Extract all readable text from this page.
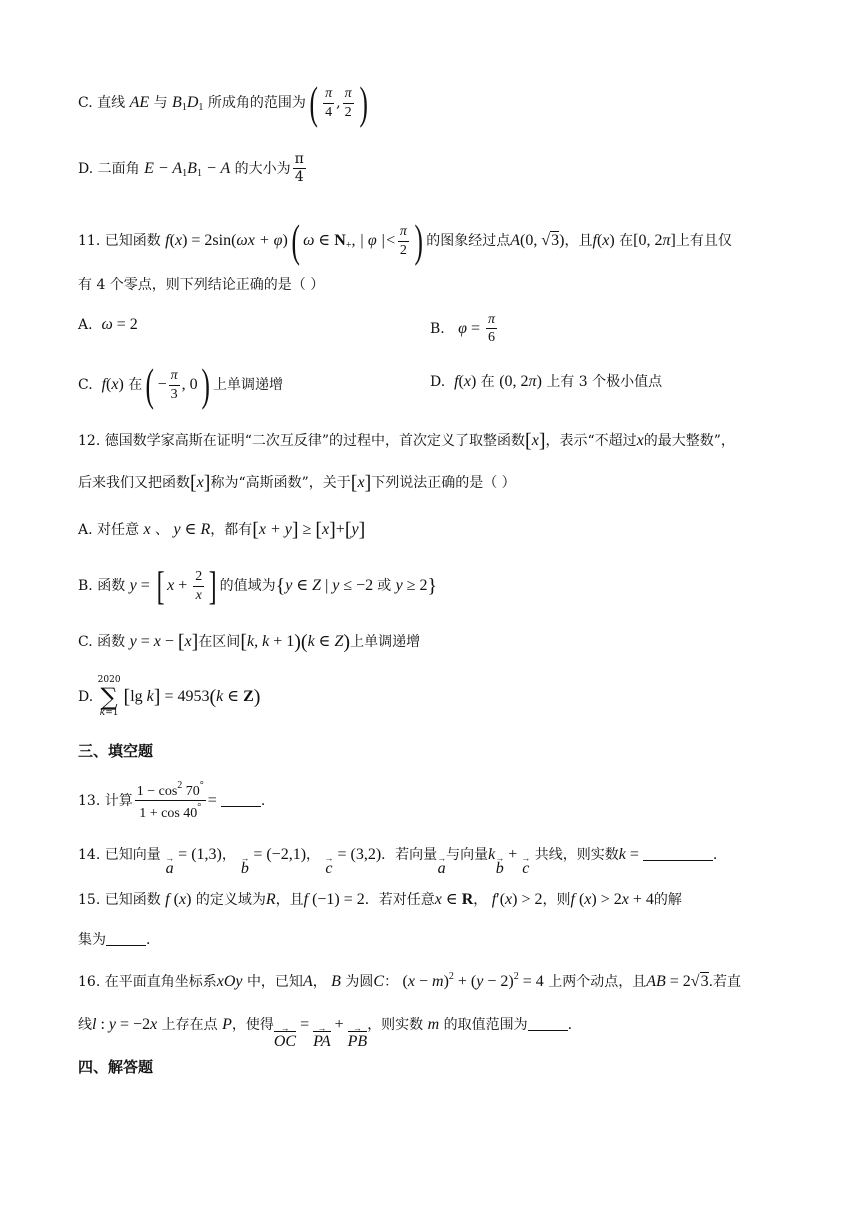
C. 直线 AE 与 $B_1D_1$ 所成角的范围为( $\frac{\pi}{4}$ , $\frac{\pi}{2}$ )
D. 二面角 $E - A_1B_1 - A$ 的大小为 $\frac{\pi}{4}$
11. 已知函数 f(x) = 2sin(ωx + φ)( ω ∈ $N_+$, | φ |< $\frac{\pi}{2}$ ) 的图象经过点A(0, √3)，且f(x) 在[0, 2π]上有且仅
有 4 个零点，则下列结论正确的是（ ）
A. ω = 2	B. $\varphi = \frac{\pi}{6}$
C. f(x) 在( − $\frac{\pi}{3}$ , 0) 上单调递增	D. f(x) 在 (0, 2π) 上有 3 个极小值点
12. 德国数学家高斯在证明“二次互反律”的过程中，首次定义了取整函数[x]，表示“不超过x的最大整数”，
后来我们又把函数[x]称为“高斯函数”，关于[x]下列说法正确的是（ ）
A. 对任意 x 、 y ∈ R，都有[x + y] ≥ [x]+[y]
B. 函数 y = [ $x + \frac{2}{x}$ ] 的值域为{y ∈ Z | y ≤ −2 或 y ≥ 2}
C. 函数 y = x − [x]在区间[k, k + 1)(k ∈ Z)上单调递增
D.
2020
∑
k=1
[lg k] = 4953(k ∈ Z)
三、填空题
13. 计算 $\frac{1 - \cos^2 70^\circ}{1 + \cos 40^\circ}$ =	.
14. 已知向量 →
a = (1,3)， →
b = (−2,1)， →
c = (3,2)．若向量 →
a与向量k →
b + →
c 共线，则实数k =	.
15. 已知函数 f (x) 的定义域为R，且f (−1) = 2．若对任意x ∈ R， f′(x) > 2，则f (x) > 2x + 4的解
集为	.
16. 在平面直角坐标系xOy 中，已知A， B 为圆C： $(x - m)^2 + (y - 2)^2 = 4$ 上两个动点，且AB = 2√3.若直
线l : y = −2x 上存在点 P，使得 →
OC
= →
PA
+ →
PB
，则实数 m 的取值范围为	.
四、解答题
